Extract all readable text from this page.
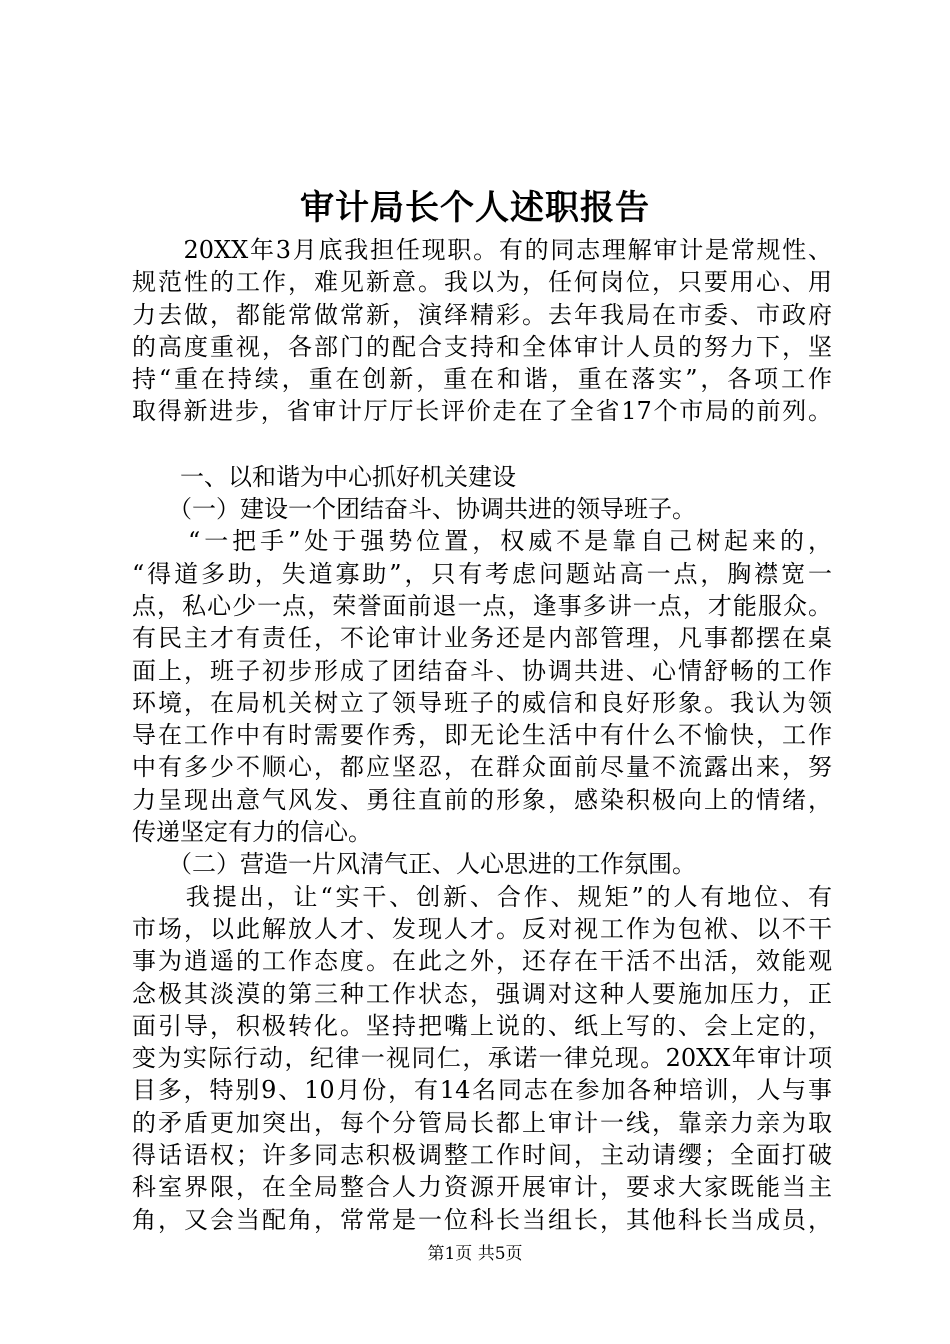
审计局长个人述职报告
　　20XX年3月底我担任现职。有的同志理解审计是常规性、
规范性的工作，难见新意。我以为，任何岗位，只要用心、用
力去做，都能常做常新，演绎精彩。去年我局在市委、市政府
的高度重视，各部门的配合支持和全体审计人员的努力下，坚
持“重在持续，重在创新，重在和谐，重在落实”，各项工作
取得新进步，省审计厅厅长评价走在了全省17个市局的前列。
　　一、以和谐为中心抓好机关建设
　　（一）建设一个团结奋斗、协调共进的领导班子。
　　“一把手”处于强势位置，权威不是靠自己树起来的，
“得道多助，失道寡助”，只有考虑问题站高一点，胸襟宽一
点，私心少一点，荣誉面前退一点，逢事多讲一点，才能服众。
有民主才有责任，不论审计业务还是内部管理，凡事都摆在桌
面上，班子初步形成了团结奋斗、协调共进、心情舒畅的工作
环境，在局机关树立了领导班子的威信和良好形象。我认为领
导在工作中有时需要作秀，即无论生活中有什么不愉快，工作
中有多少不顺心，都应坚忍，在群众面前尽量不流露出来，努
力呈现出意气风发、勇往直前的形象，感染积极向上的情绪，
传递坚定有力的信心。
　　（二）营造一片风清气正、人心思进的工作氛围。
　　我提出，让“实干、创新、合作、规矩”的人有地位、有
市场，以此解放人才、发现人才。反对视工作为包袱、以不干
事为逍遥的工作态度。在此之外，还存在干活不出活，效能观
念极其淡漠的第三种工作状态，强调对这种人要施加压力，正
面引导，积极转化。坚持把嘴上说的、纸上写的、会上定的，
变为实际行动，纪律一视同仁，承诺一律兑现。20XX年审计项
目多，特别9、10月份，有14名同志在参加各种培训，人与事
的矛盾更加突出，每个分管局长都上审计一线，靠亲力亲为取
得话语权；许多同志积极调整工作时间，主动请缨；全面打破
科室界限，在全局整合人力资源开展审计，要求大家既能当主
角，又会当配角，常常是一位科长当组长，其他科长当成员，
第1页 共5页
